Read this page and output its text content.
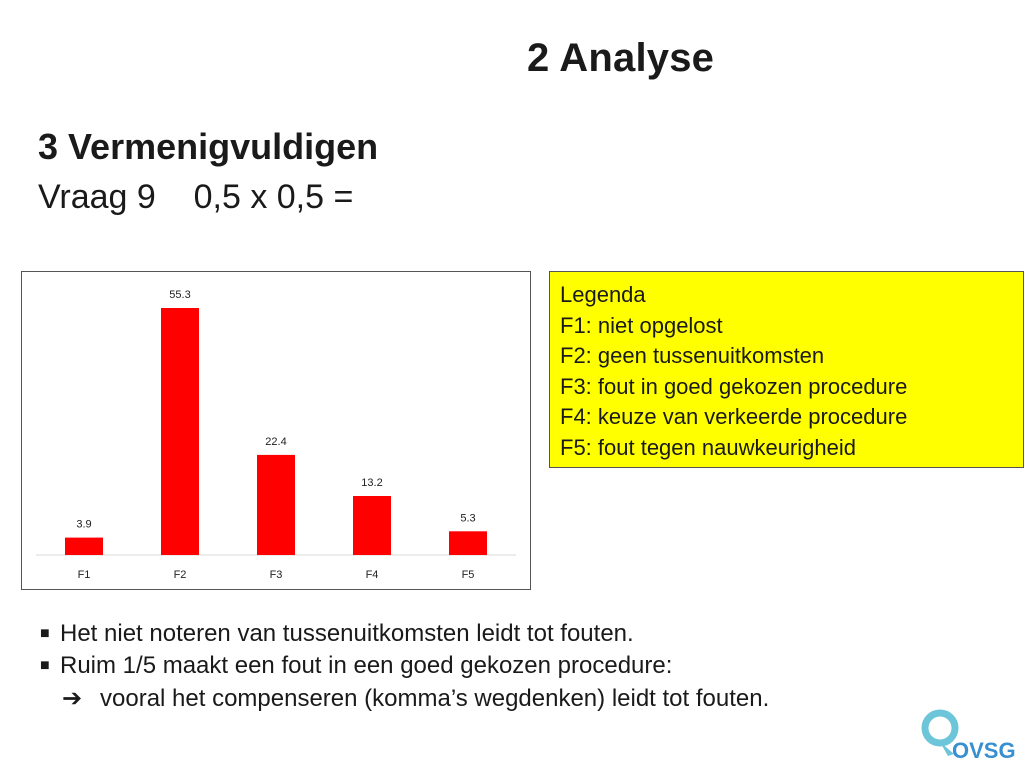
2 Analyse
3 Vermenigvuldigen
Vraag 9    0,5 x 0,5 =
3.9
F1
55.3
F2
22.4
F3
13.2
F4
5.3
F5
Legenda
F1: niet opgelost
F2: geen tussenuitkomsten
F3: fout in goed gekozen procedure
F4: keuze van verkeerde procedure
F5: fout tegen nauwkeurigheid
■ Het niet noteren van tussenuitkomsten leidt tot fouten.
■ Ruim 1/5 maakt een fout in een goed gekozen procedure:
➔ vooral het compenseren (komma’s wegdenken) leidt tot fouten.
OVSG
